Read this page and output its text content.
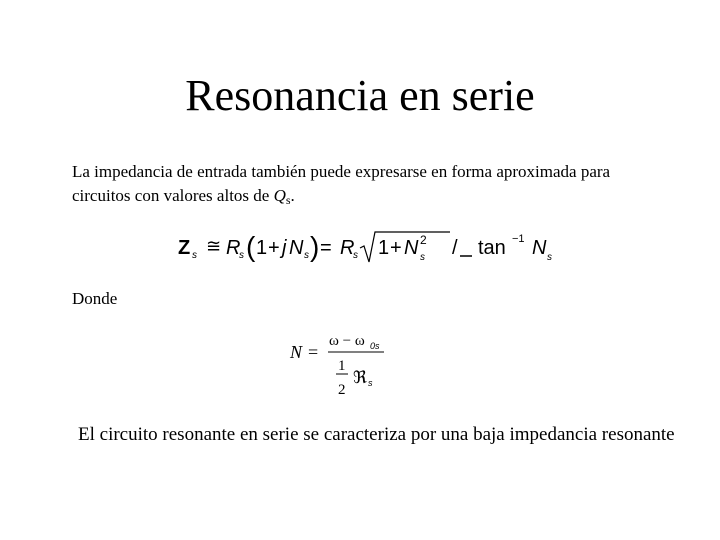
Resonancia en serie
La impedancia de entrada también puede expresarse en forma aproximada para circuitos con valores altos de Qs.
Z s ≅ R
s ( 1 + j N s ) = R
s 1 + N 2
s / tan −1 N s
Donde
N =
ω − ω 0s
1
2
ℜ s
El circuito resonante en serie se caracteriza por una baja impedancia resonante
